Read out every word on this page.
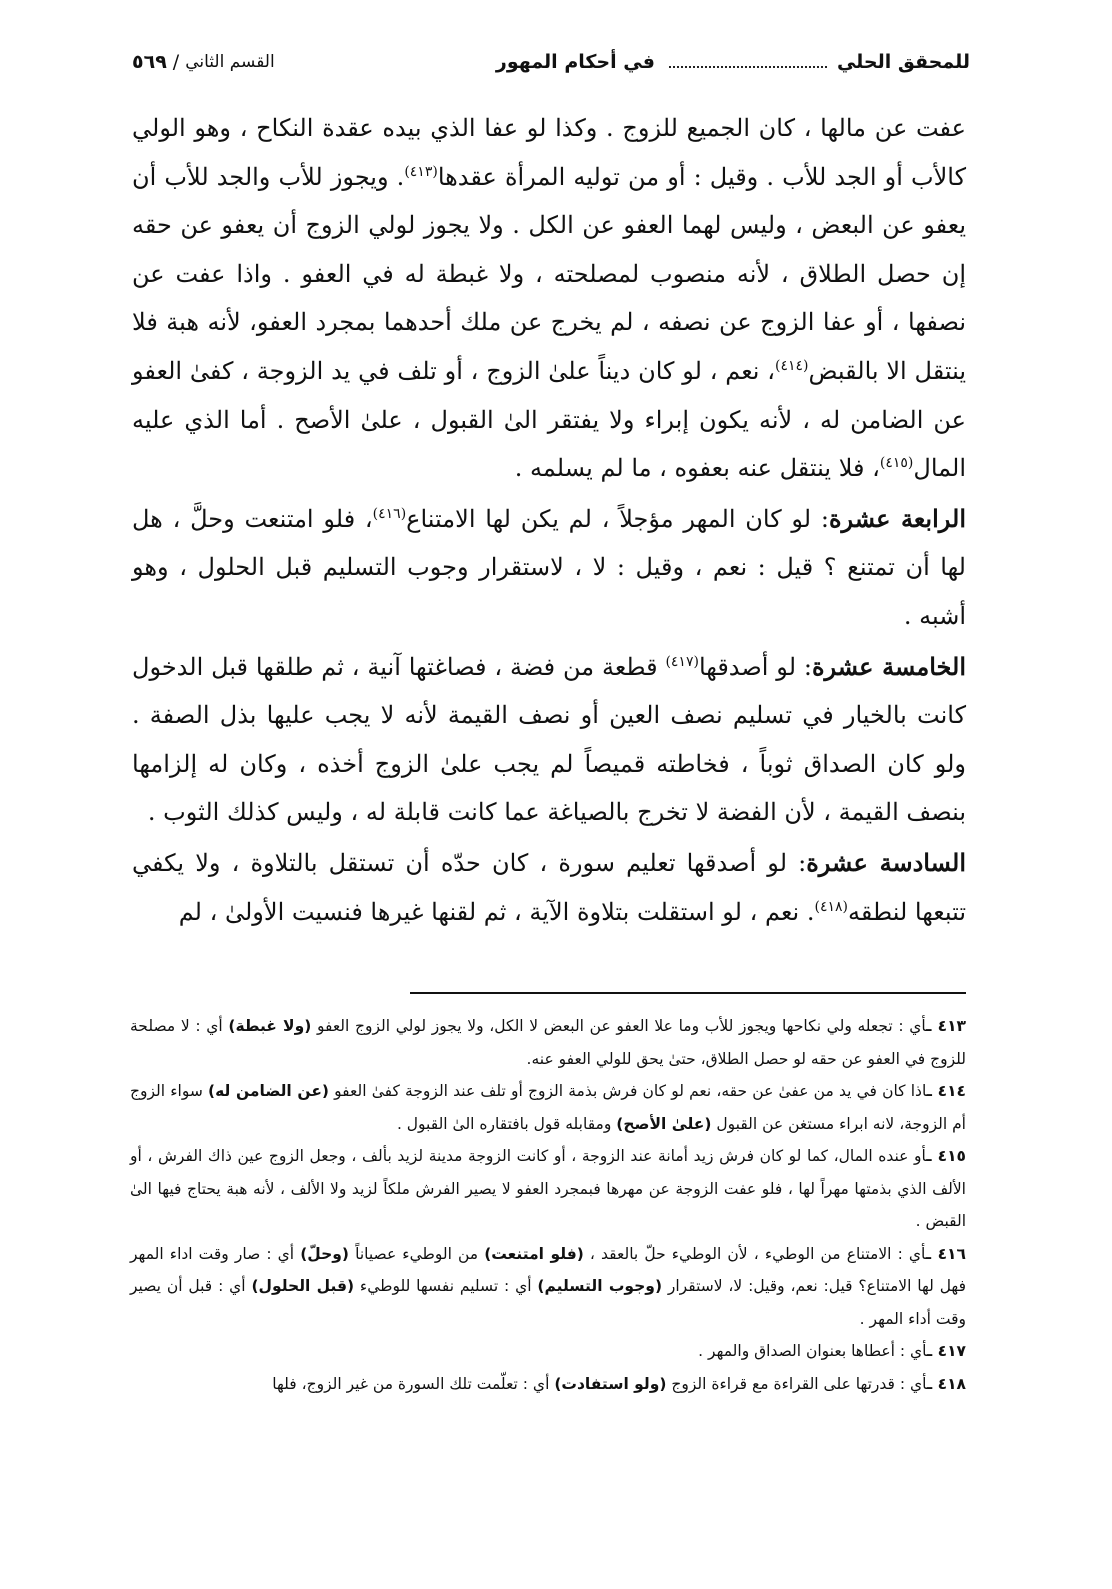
للمحقق الحلي
في أحكام المهور
القسم الثاني
/
٥٦٩

عفت عن مالها ، كان الجميع للزوج . وكذا لو عفا الذي بيده عقدة النكاح ، وهو الولي كالأب أو الجد للأب . وقيل : أو من توليه المرأة عقدها$^{(٤١٣)}$. ويجوز للأب والجد للأب أن يعفو عن البعض ، وليس لهما العفو عن الكل . ولا يجوز لولي الزوج أن يعفو عن حقه إن حصل الطلاق ، لأنه منصوب لمصلحته ، ولا غبطة له في العفو . واذا عفت عن نصفها ، أو عفا الزوج عن نصفه ، لم يخرج عن ملك أحدهما بمجرد العفو، لأنه هبة فلا ينتقل الا بالقبض$^{(٤١٤)}$، نعم ، لو كان ديناً علىٰ الزوج ، أو تلف في يد الزوجة ، كفىٰ العفو عن الضامن له ، لأنه يكون إبراء ولا يفتقر الىٰ القبول ، علىٰ الأصح . أما الذي عليه المال$^{(٤١٥)}$، فلا ينتقل عنه بعفوه ، ما لم يسلمه .

الرابعة عشرة: لو كان المهر مؤجلاً ، لم يكن لها الامتناع$^{(٤١٦)}$، فلو امتنعت وحلَّ ، هل لها أن تمتنع ؟ قيل : نعم ، وقيل : لا ، لاستقرار وجوب التسليم قبل الحلول ، وهو أشبه .

الخامسة عشرة: لو أصدقها$^{(٤١٧)}$ قطعة من فضة ، فصاغتها آنية ، ثم طلقها قبل الدخول كانت بالخيار في تسليم نصف العين أو نصف القيمة لأنه لا يجب عليها بذل الصفة . ولو كان الصداق ثوباً ، فخاطته قميصاً لم يجب علىٰ الزوج أخذه ، وكان له إلزامها بنصف القيمة ، لأن الفضة لا تخرج بالصياغة عما كانت قابلة له ، وليس كذلك الثوب .

السادسة عشرة: لو أصدقها تعليم سورة ، كان حدّه أن تستقل بالتلاوة ، ولا يكفي تتبعها لنطقه$^{(٤١٨)}$. نعم ، لو استقلت بتلاوة الآية ، ثم لقنها غيرها فنسيت الأولىٰ ، لم

٤١٣ ـأي : تجعله ولي نكاحها ويجوز للأب وما علا العفو عن البعض لا الكل، ولا يجوز لولي الزوج العفو (ولا غبطة) أي : لا مصلحة للزوج في العفو عن حقه لو حصل الطلاق، حتىٰ يحق للولي العفو عنه.

٤١٤ ـاذا كان في يد من عفىٰ عن حقه، نعم لو كان فرش بذمة الزوج أو تلف عند الزوجة كفىٰ العفو (عن الضامن له) سواء الزوج أم الزوجة، لانه ابراء مستغن عن القبول (علىٰ الأصح) ومقابله قول بافتقاره الىٰ القبول .

٤١٥ ـأو عنده المال، كما لو كان فرش زيد أمانة عند الزوجة ، أو كانت الزوجة مدينة لزيد بألف ، وجعل الزوج عين ذاك الفرش ، أو الألف الذي بذمتها مهراً لها ، فلو عفت الزوجة عن مهرها فبمجرد العفو لا يصير الفرش ملكاً لزيد ولا الألف ، لأنه هبة يحتاج فيها الىٰ القبض .

٤١٦ ـأي : الامتناع من الوطيء ، لأن الوطيء حلّ بالعقد ، (فلو امتنعت) من الوطيء عصياناً (وحلّ) أي : صار وقت اداء المهر فهل لها الامتناع؟ قيل: نعم، وقيل: لا، لاستقرار (وجوب التسليم) أي : تسليم نفسها للوطيء (قبل الحلول) أي : قبل أن يصير وقت أداء المهر .

٤١٧ ـأي : أعطاها بعنوان الصداق والمهر .

٤١٨ ـأي : قدرتها على القراءة مع قراءة الزوج (ولو استفادت) أي : تعلّمت تلك السورة من غير الزوج، فلها
